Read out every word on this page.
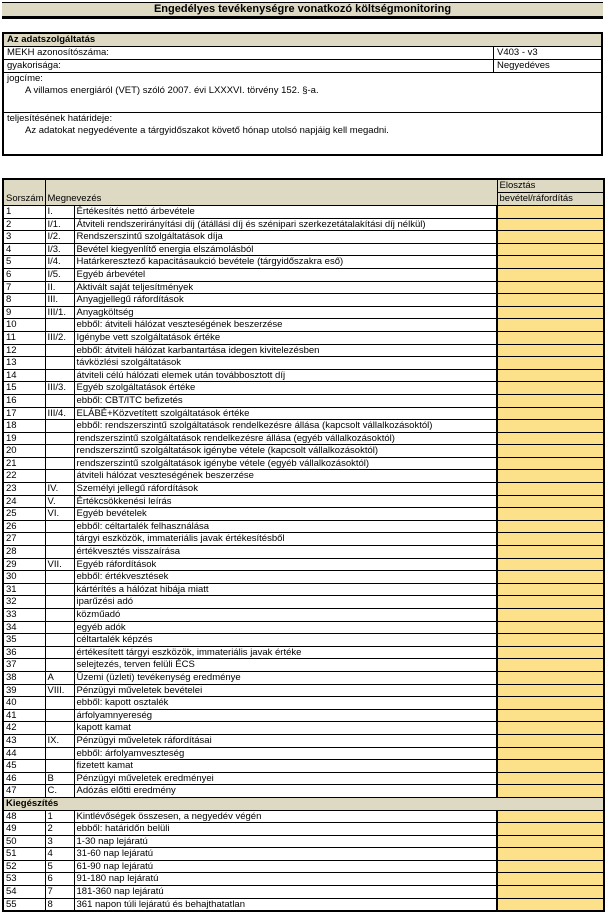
Engedélyes tevékenységre vonatkozó költségmonitoring
Az adatszolgáltatás
MEKH azonosítószáma:	V403 - v3
gyakorisága:	Negyedéves
jogcíme:
A villamos energiáról (VET) szóló 2007. évi LXXXVI. törvény 152. §-a.
teljesítésének határideje:
Az adatokat negyedévente a tárgyidőszakot követő hónap utolsó napjáig kell megadni.
Sorszám	Megnevezés		Elosztás
			bevétel/ráfordítás
1	I.	Értékesítés nettó árbevétele	
2	I/1.	Átviteli rendszerirányítási díj (átállási díj és szénipari szerkezetátalakítási díj nélkül)	
3	I/2.	Rendszerszintű szolgáltatások díja	
4	I/3.	Bevétel kiegyenlítő energia elszámolásból	
5	I/4.	Határkeresztező kapacitásaukció bevétele (tárgyidőszakra eső)	
6	I/5.	Egyéb árbevétel	
7	II.	Aktivált saját teljesítmények	
8	III.	Anyagjellegű ráfordítások	
9	III/1.	Anyagköltség	
10		ebből: átviteli hálózat veszteségének beszerzése	
11	III/2.	Igénybe vett szolgáltatások értéke	
12		ebből: átviteli hálózat karbantartása idegen kivitelezésben	
13		távközlési szolgáltatások	
14		átviteli célú hálózati elemek után továbbosztott díj	
15	III/3.	Egyéb szolgáltatások értéke	
16		ebből: CBT/ITC befizetés	
17	III/4.	ELÁBÉ+Közvetített szolgáltatások értéke	
18		ebből: rendszerszintű szolgáltatások rendelkezésre állása (kapcsolt vállalkozásoktól)	
19		rendszerszintű szolgáltatások rendelkezésre állása (egyéb vállalkozásoktól)	
20		rendszerszintű szolgáltatások igénybe vétele (kapcsolt vállalkozásoktól)	
21		rendszerszintű szolgáltatások igénybe vétele (egyéb vállalkozásoktól)	
22		átviteli hálózat veszteségének beszerzése	
23	IV.	Személyi jellegű ráfordítások	
24	V.	Értékcsökkenési leírás	
25	VI.	Egyéb bevételek	
26		ebből: céltartalék felhasználása	
27		tárgyi eszközök, immateriális javak értékesítésből	
28		értékvesztés visszaírása	
29	VII.	Egyéb ráfordítások	
30		ebből: értékvesztések	
31		kártérítés a hálózat hibája miatt	
32		iparűzési adó	
33		közműadó	
34		egyéb adók	
35		céltartalék képzés	
36		értékesített tárgyi eszközök, immateriális javak értéke	
37		selejtezés, terven felüli ÉCS	
38	A	Üzemi (üzleti) tevékenység eredménye	
39	VIII.	Pénzügyi műveletek bevételei	
40		ebből: kapott osztalék	
41		árfolyamnyereség	
42		kapott kamat	
43	IX.	Pénzügyi műveletek ráfordításai	
44		ebből: árfolyamveszteség	
45		fizetett kamat	
46	B	Pénzügyi műveletek eredményei	
47	C.	Adózás előtti eredmény	
Kiegészítés			
48	1	Kintlévőségek összesen, a negyedév végén	
49	2	ebből: határidőn belüli	
50	3	1-30 nap lejáratú	
51	4	31-60 nap lejáratú	
52	5	61-90 nap lejáratú	
53	6	91-180 nap lejáratú	
54	7	181-360 nap lejáratú	
55	8	361 napon túli lejáratú és behajthatatlan	
